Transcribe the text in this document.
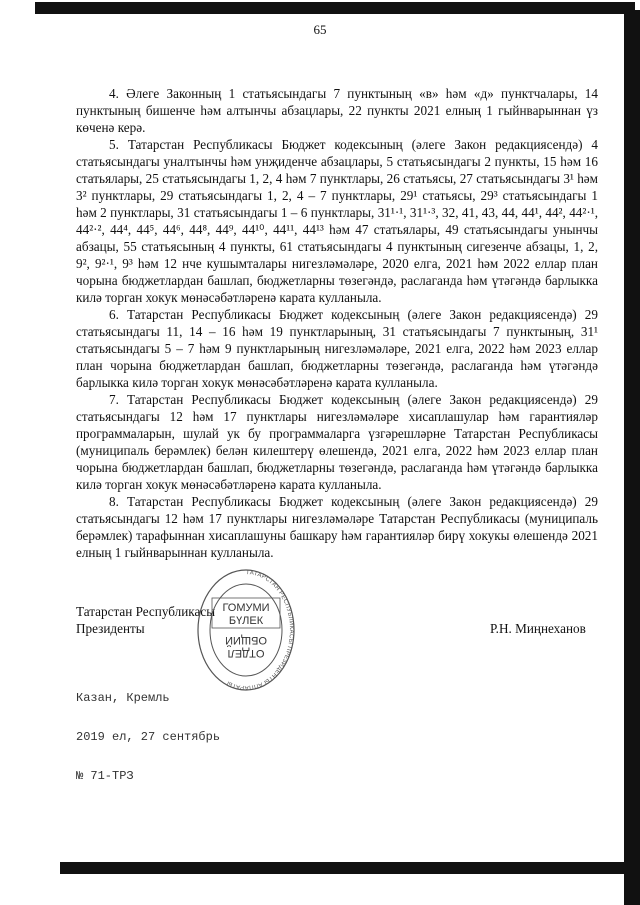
65

4. Әлеге Законның 1 статьясындагы 7 пунктының «в» һәм «д» пунктчалары, 14 пунктының бишенче һәм алтынчы абзацлары, 22 пункты 2021 елның 1 гыйнварыннан үз көченә керә.

5. Татарстан Республикасы Бюджет кодексының (әлеге Закон редакциясендә) 4 статьясындагы уналтынчы һәм унҗиденче абзацлары, 5 статьясындагы 2 пункты, 15 һәм 16 статьялары, 25 статьясындагы 1, 2, 4 һәм 7 пунктлары, 26 статьясы, 27 статьясындагы 3¹ һәм 3² пунктлары, 29 статьясындагы 1, 2, 4 – 7 пунктлары, 29¹ статьясы, 29³ статьясындагы 1 һәм 2 пунктлары, 31 статьясындагы 1 – 6 пунктлары, 31¹·¹, 31¹·³, 32, 41, 43, 44, 44¹, 44², 44²·¹, 44²·², 44⁴, 44⁵, 44⁶, 44⁸, 44⁹, 44¹⁰, 44¹¹, 44¹³ һәм 47 статьялары, 49 статьясындагы унынчы абзацы, 55 статьясының 4 пункты, 61 статьясындагы 4 пунктының сигезенче абзацы, 1, 2, 9², 9²·¹, 9³ һәм 12 нче кушымталары нигезләмәләре, 2020 елга, 2021 һәм 2022 еллар план чорына бюджетлардан башлап, бюджетларны төзегәндә, раслаганда һәм үтәгәндә барлыкка килә торган хокук мөнәсәбәтләренә карата кулланыла.

6. Татарстан Республикасы Бюджет кодексының (әлеге Закон редакциясендә) 29 статьясындагы 11, 14 – 16 һәм 19 пунктларының, 31 статьясындагы 7 пунктының, 31¹ статьясындагы 5 – 7 һәм 9 пунктларының нигезләмәләре, 2021 елга, 2022 һәм 2023 еллар план чорына бюджетлардан башлап, бюджетларны төзегәндә, раслаганда һәм үтәгәндә барлыкка килә торган хокук мөнәсәбәтләренә карата кулланыла.

7. Татарстан Республикасы Бюджет кодексының (әлеге Закон редакциясендә) 29 статьясындагы 12 һәм 17 пунктлары нигезләмәләре хисаплашулар һәм гарантияләр программаларын, шулай ук бу программаларга үзгәрешләрне Татарстан Республикасы (муниципаль берәмлек) белән килештерү өлешендә, 2021 елга, 2022 һәм 2023 еллар план чорына бюджетлардан башлап, бюджетларны төзегәндә, раслаганда һәм үтәгәндә барлыкка килә торган хокук мөнәсәбәтләренә карата кулланыла.

8. Татарстан Республикасы Бюджет кодексының (әлеге Закон редакциясендә) 29 статьясындагы 12 һәм 17 пунктлары нигезләмәләре Татарстан Республикасы (муниципаль берәмлек) тарафыннан хисаплашуны башкару һәм гарантияләр бирү хокукы өлешендә 2021 елның 1 гыйнварыннан кулланыла.

Татарстан Республикасы
Президенты	Р.Н. Миңнеханов
ТАТАРСТАН РЕСПУБЛИКАСЫ ПРЕЗИДЕНТЫ АППАРАТЫ
ГОМУМИ
БҮЛЕК
ОТДЕЛ
ОБЩИЙ

Казан, Кремль

2019 ел, 27 сентябрь

№ 71-ТРЗ
